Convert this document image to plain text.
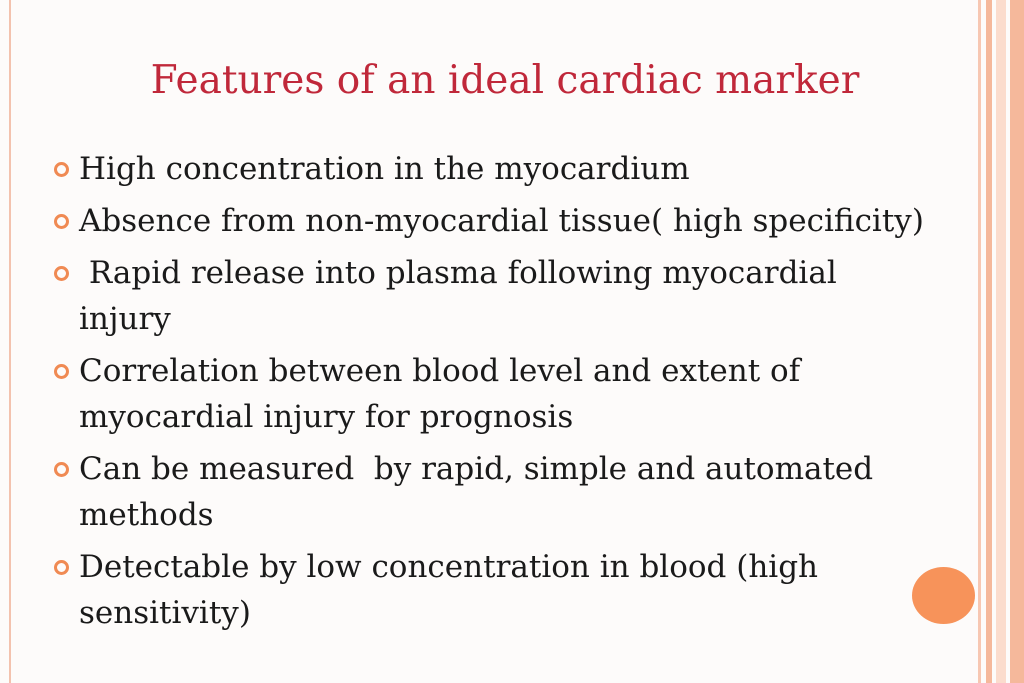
Features of an ideal cardiac marker
High concentration in the myocardium
Absence from non-myocardial tissue( high specificity)
Rapid release into plasma following myocardial injury
Correlation between blood level and extent of myocardial injury for prognosis
Can be measured  by rapid, simple and automated  methods
Detectable by low concentration in blood (high sensitivity)
